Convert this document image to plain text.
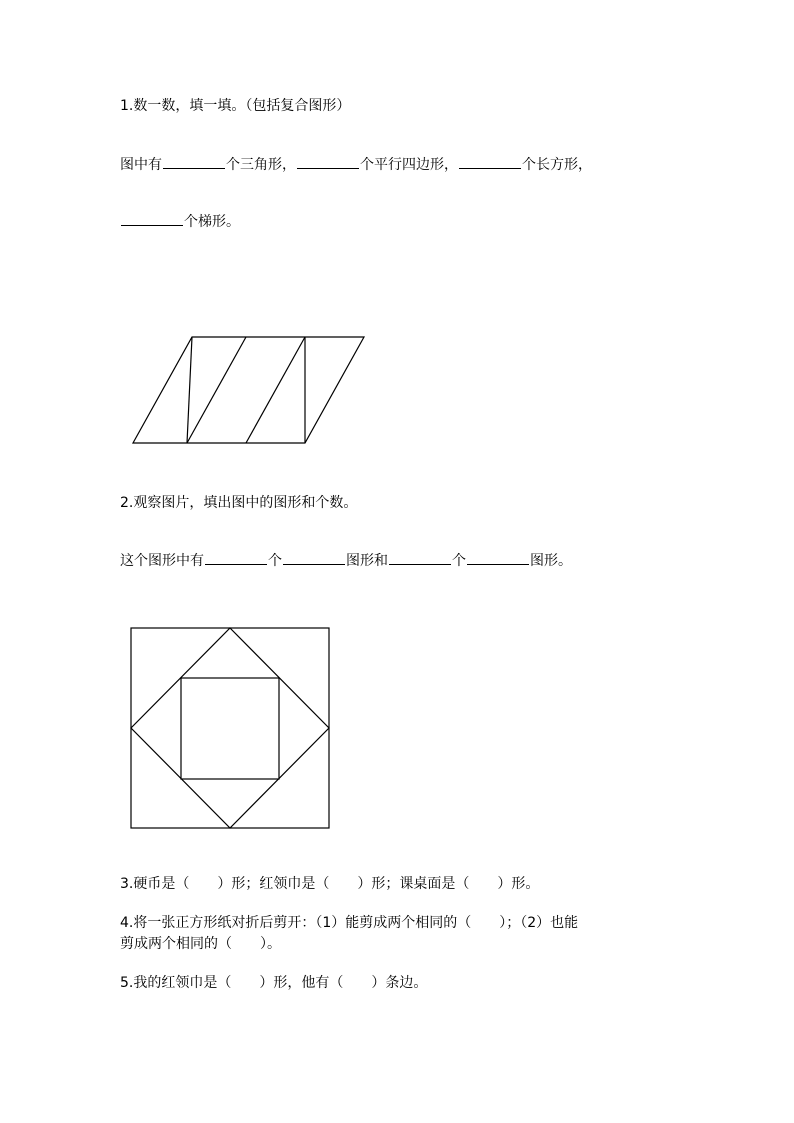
1.数一数，填一填。（包括复合图形）
图中有	个三角形，	个平行四边形，	个长方形，
个梯形。
2.观察图片，填出图中的图形和个数。
这个图形中有	个	图形和	个	图形。
3.硬币是（　　）形；红领巾是（　　）形；课桌面是（　　）形。
4.将一张正方形纸对折后剪开：（1）能剪成两个相同的（　　）；（2）也能
剪成两个相同的（　　）。
5.我的红领巾是（　　）形，他有（　　）条边。
